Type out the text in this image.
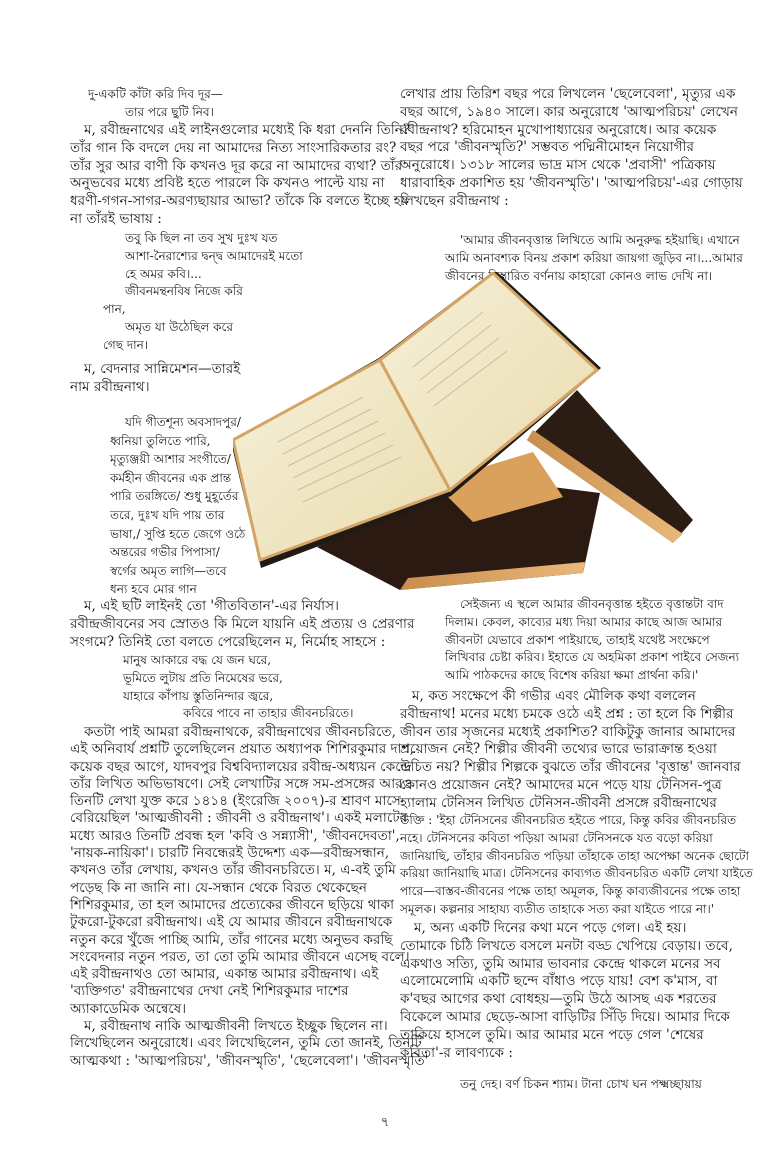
দু-একটি কাঁটা করি দিব দূর—
তার পরে ছুটি নিব।
ম, রবীন্দ্রনাথের এই লাইনগুলোর মধ্যেই কি ধরা দেননি তিনি?
তাঁর গান কি বদলে দেয় না আমাদের নিত্য সাংসারিকতার রং?
তাঁর সুর আর বাণী কি কখনও দূর করে না আমাদের ব্যথা? তাঁর
অনুভবের মধ্যে প্রবিষ্ট হতে পারলে কি কখনও পাল্টে যায় না
ধরণী-গগন-সাগর-অরণ্যছায়ার আভা? তাঁকে কি বলতে ইচ্ছে হয়
না তাঁরই ভাষায় :
তবু কি ছিল না তব সুখ দুঃখ যত
আশা-নৈরাশ্যের দ্বন্দ্ব আমাদেরই মতো
হে অমর কবি।...
জীবনমন্থনবিষ নিজে করি
পান,
অমৃত যা উঠেছিল করে
গেছ দান।
ম, বেদনার সান্নিমেশন—তারই
নাম রবীন্দ্রনাথ।
যদি গীতশূন্য অবসাদপুর/
ধ্বনিয়া তুলিতে পারি,
মৃত্যুঞ্জয়ী আশার সংগীতে/
কর্মহীন জীবনের এক প্রান্ত
পারি তরঙ্গিতে/ শুধু মুহূর্তের
তরে, দুঃখ যদি পায় তার
ভাষা,/ সুপ্তি হতে জেগে ওঠে
অন্তরের গভীর পিপাসা/
স্বর্গের অমৃত লাগি—তবে
ধন্য হবে মোর গান
ম, এই ছটি লাইনই তো 'গীতবিতান'-এর নির্যাস।
রবীন্দ্রজীবনের সব স্রোতও কি মিলে যায়নি এই প্রত্যয় ও প্রেরণার
সংগমে? তিনিই তো বলতে পেরেছিলেন ম, নির্মোহ সাহসে :
মানুষ আকারে বদ্ধ যে জন ঘরে,
ভূমিতে লুটায় প্রতি নিমেষের ভরে,
যাহারে কাঁপায় স্তুতিনিন্দার জ্বরে,
কবিরে পাবে না তাহার জীবনচরিতে।
কতটা পাই আমরা রবীন্দ্রনাথকে, রবীন্দ্রনাথের জীবনচরিতে,
এই অনিবার্য প্রশ্নটি তুলেছিলেন প্রয়াত অধ্যাপক শিশিরকুমার দাশ,
কয়েক বছর আগে, যাদবপুর বিশ্ববিদ্যালয়ের রবীন্দ্র-অধ্যয়ন কেন্দ্রে
তাঁর লিখিত অভিভাষণে। সেই লেখাটির সঙ্গে সম-প্রসঙ্গের আরও
তিনটি লেখা যুক্ত করে ১৪১৪ (ইংরেজি ২০০৭)-র শ্রাবণ মাসে
বেরিয়েছিল 'আত্মজীবনী : জীবনী ও রবীন্দ্রনাথ'। একই মলাটের
মধ্যে আরও তিনটি প্রবন্ধ হল 'কবি ও সন্ন্যাসী', 'জীবনদেবতা',
'নায়ক-নায়িকা'। চারটি নিবন্ধেরই উদ্দেশ্য এক—রবীন্দ্রসন্ধান,
কখনও তাঁর লেখায়, কখনও তাঁর জীবনচরিতে। ম, এ-বই তুমি
পড়েছ কি না জানি না। যে-সন্ধান থেকে বিরত থেকেছেন
শিশিরকুমার, তা হল আমাদের প্রত্যেকের জীবনে ছড়িয়ে থাকা
টুকরো-টুকরো রবীন্দ্রনাথ। এই যে আমার জীবনে রবীন্দ্রনাথকে
নতুন করে খুঁজে পাচ্ছি আমি, তাঁর গানের মধ্যে অনুভব করছি
সংবেদনার নতুন পরত, তা তো তুমি আমার জীবনে এসেছ বলে।
এই রবীন্দ্রনাথও তো আমার, একান্ত আমার রবীন্দ্রনাথ। এই
'ব্যক্তিগত' রবীন্দ্রনাথের দেখা নেই শিশিরকুমার দাশের
অ্যাকাডেমিক অন্বেষে।
ম, রবীন্দ্রনাথ নাকি আত্মজীবনী লিখতে ইচ্ছুক ছিলেন না।
লিখেছিলেন অনুরোধে। এবং লিখেছিলেন, তুমি তো জানই, তিনটি
আত্মকথা : 'আত্মপরিচয়', 'জীবনস্মৃতি', 'ছেলেবেলা'। 'জীবনস্মৃতি'
লেখার প্রায় তিরিশ বছর পরে লিখলেন 'ছেলেবেলা', মৃত্যুর এক
বছর আগে, ১৯৪০ সালে। কার অনুরোধে 'আত্মপরিচয়' লেখেন
রবীন্দ্রনাথ? হরিমোহন মুখোপাধ্যায়ের অনুরোধে। আর কয়েক
বছর পরে 'জীবনস্মৃতি?' সম্ভবত পদ্মিনীমোহন নিয়োগীর
অনুরোধে। ১৩১৮ সালের ভাদ্র মাস থেকে 'প্রবাসী' পত্রিকায়
ধারাবাহিক প্রকাশিত হয় 'জীবনস্মৃতি'। 'আত্মপরিচয়'-এর গোড়ায়
লিখছেন রবীন্দ্রনাথ :
'আমার জীবনবৃত্তান্ত লিখিতে আমি অনুরুদ্ধ হইয়াছি। এখানে
আমি অনাবশ্যক বিনয় প্রকাশ করিয়া জায়গা জুড়িব না।...আমার
জীবনের বিস্তারিত বর্ণনায় কাহারো কোনও লাভ দেখি না।
সেইজন্য এ স্থলে আমার জীবনবৃত্তান্ত হইতে বৃত্তান্তটা বাদ
দিলাম। কেবল, কাব্যের মধ্য দিয়া আমার কাছে আজ আমার
জীবনটা যেভাবে প্রকাশ পাইয়াছে, তাহাই যথেষ্ট সংক্ষেপে
লিখিবার চেষ্টা করিব। ইহাতে যে অহমিকা প্রকাশ পাইবে সেজন্য
আমি পাঠকদের কাছে বিশেষ করিয়া ক্ষমা প্রার্থনা করি।'
ম, কত সংক্ষেপে কী গভীর এবং মৌলিক কথা বললেন
রবীন্দ্রনাথ! মনের মধ্যে চমকে ওঠে এই প্রশ্ন : তা হলে কি শিল্পীর
জীবন তার সৃজনের মধ্যেই প্রকাশিত? বাকিটুকু জানার আমাদের
প্রয়োজন নেই? শিল্পীর জীবনী তথ্যের ভারে ভারাক্রান্ত হওয়া
উচিত নয়? শিল্পীর শিল্পকে বুঝতে তাঁর জীবনের 'বৃত্তান্ত' জানবার
কোনও প্রয়োজন নেই? আমাদের মনে পড়ে যায় টেনিসন-পুত্র
হ্যালাম টেনিসন লিখিত টেনিসন-জীবনী প্রসঙ্গে রবীন্দ্রনাথের
উক্তি : 'ইহা টেনিসনের জীবনচরিত হইতে পারে, কিন্তু কবির জীবনচরিত
নহে। টেনিসনের কবিতা পড়িয়া আমরা টেনিসনকে যত বড়ো করিয়া
জানিয়াছি, তাঁহার জীবনচরিত পড়িয়া তাঁহাকে তাহা অপেক্ষা অনেক ছোটো
করিয়া জানিয়াছি মাত্র। টেনিসনের কাব্যগত জীবনচরিত একটি লেখা যাইতে
পারে—বাস্তব-জীবনের পক্ষে তাহা অমূলক, কিন্তু কাব্যজীবনের পক্ষে তাহা
সমূলক। কল্পনার সাহায্য ব্যতীত তাহাকে সত্য করা যাইতে পারে না।'
ম, অন্য একটি দিনের কথা মনে পড়ে গেল। এই হয়।
তোমাকে চিঠি লিখতে বসলে মনটা বড্ড খেপিয়ে বেড়ায়। তবে,
একথাও সত্যি, তুমি আমার ভাবনার কেন্দ্রে থাকলে মনের সব
এলোমেলোমি একটি ছন্দে বাঁধাও পড়ে যায়! বেশ ক'মাস, বা
ক'বছর আগের কথা বোধহয়—তুমি উঠে আসছ এক শরতের
বিকেলে আমার ছেড়ে-আসা বাড়িটির সিঁড়ি দিয়ে। আমার দিকে
তাকিয়ে হাসলে তুমি। আর আমার মনে পড়ে গেল 'শেষের
কবিতা'-র লাবণ্যকে :
তনু দেহ। বর্ণ চিকন শ্যাম। টানা চোখ ঘন পক্ষ্মচ্ছায়ায়
৭
